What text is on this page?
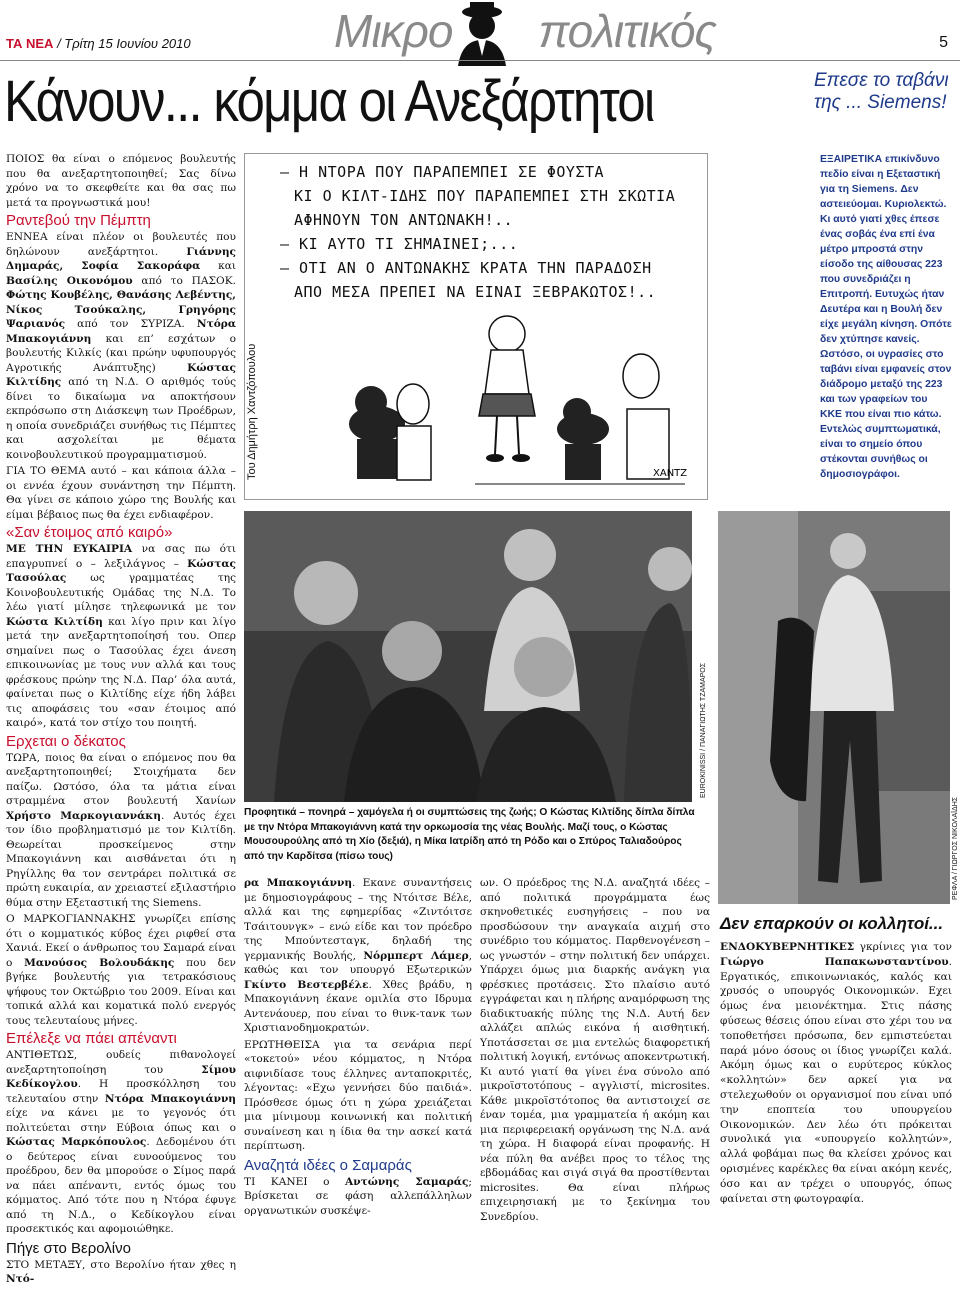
ΤΑ ΝΕΑ / Τρίτη 15 Ιουνίου 2010	Μικρο πολιτικός	5
Κάνουν... κόμμα οι Ανεξάρτητοι

ΠΟΙΟΣ θα είναι ο επόμενος βουλευτής που θα ανεξαρτητοποιηθεί; Σας δίνω χρόνο να το σκεφθείτε και θα σας πω μετά τα προγνωστικά μου!

Ραντεβού την Πέμπτη

ΕΝΝΕΑ είναι πλέον οι βουλευτές που δηλώνουν ανεξάρτητοι. Γιάννης Δημαράς, Σοφία Σακοράφα και Βασίλης Οικονόμου από το ΠΑΣΟΚ. Φώτης Κουβέλης, Θανάσης Λεβέντης, Νίκος Τσούκαλης, Γρηγόρης Ψαριανός από τον ΣΥΡΙΖΑ. Ντόρα Μπακογιάννη και επ’ εσχάτων ο βουλευτής Κιλκίς (και πρώην υφυπουργός Αγροτικής Ανάπτυξης) Κώστας Κιλτίδης από τη Ν.Δ. Ο αριθμός τούς δίνει το δικαίωμα να αποκτήσουν εκπρόσωπο στη Διάσκεψη των Προέδρων, η οποία συνεδριάζει συνήθως τις Πέμπτες και ασχολείται με θέματα κοινοβουλευτικού προγραμματισμού.

ΓΙΑ ΤΟ ΘΕΜΑ αυτό – και κάποια άλλα – οι εννέα έχουν συνάντηση την Πέμπτη. Θα γίνει σε κάποιο χώρο της Βουλής και είμαι βέβαιος πως θα έχει ενδιαφέρον.

«Σαν έτοιμος από καιρό»

ΜΕ ΤΗΝ ΕΥΚΑΙΡΙΑ να σας πω ότι επαγρυπνεί ο – λεξιλάγνος – Κώστας Τασούλας ως γραμματέας της Κοινοβουλευτικής Ομάδας της Ν.Δ. Το λέω γιατί μίλησε τηλεφωνικά με τον Κώστα Κιλτίδη και λίγο πριν και λίγο μετά την ανεξαρτητοποίησή του. Οπερ σημαίνει πως ο Τασούλας έχει άνεση επικοινωνίας με τους νυν αλλά και τους φρέσκους πρώην της Ν.Δ. Παρ’ όλα αυτά, φαίνεται πως ο Κιλτίδης είχε ήδη λάβει τις αποφάσεις του «σαν έτοιμος από καιρό», κατά τον στίχο του ποιητή.

Ερχεται ο δέκατος

ΤΩΡΑ, ποιος θα είναι ο επόμενος που θα ανεξαρτητοποιηθεί; Στοιχήματα δεν παίζω. Ωστόσο, όλα τα μάτια είναι στραμμένα στον βουλευτή Χανίων Χρήστο Μαρκογιαννάκη. Αυτός έχει τον ίδιο προβληματισμό με τον Κιλτίδη. Θεωρείται προσκείμενος στην Μπακογιάννη και αισθάνεται ότι η Ρηγίλλης θα τον σεντράρει πολιτικά σε πρώτη ευκαιρία, αν χρειαστεί εξιλαστήριο θύμα στην Εξεταστική της Siemens.

Ο ΜΑΡΚΟΓΙΑΝΝΑΚΗΣ γνωρίζει επίσης ότι ο κομματικός κύβος έχει ριφθεί στα Χανιά. Εκεί ο άνθρωπος του Σαμαρά είναι ο Μανούσος Βολουδάκης που δεν βγήκε βουλευτής για τετρακόσιους ψήφους τον Οκτώβριο του 2009. Είναι και τοπικά αλλά και κοματικά πολύ ενεργός τους τελευταίους μήνες.

Επέλεξε να πάει απέναντι

ΑΝΤΙΘΕΤΩΣ, ουδείς πιθανολογεί ανεξαρτητοποίηση του Σίμου Κεδίκογλου. Η προσκόλληση του τελευταίου στην Ντόρα Μπακογιάννη είχε να κάνει με το γεγονός ότι πολιτεύεται στην Εύβοια όπως και ο Κώστας Μαρκόπουλος. Δεδομένου ότι ο δεύτερος είναι ευνοούμενος του προέδρου, δεν θα μπορούσε ο Σίμος παρά να πάει απέναντι, εντός όμως του κόμματος. Από τότε που η Ντόρα έφυγε από τη Ν.Δ., ο Κεδίκογλου είναι προσεκτικός και αφομοιώθηκε.

Πήγε στο Βερολίνο

ΣΤΟ ΜΕΤΑΞΥ, στο Βερολίνο ήταν χθες η Ντό-

ΧΑΝΤΖ
Του Δημήτρη Χαντζόπουλου
– Η ΝΤΟΡΑ ΠΟΥ ΠΑΡΑΠΕΜΠΕΙ ΣΕ ΦΟΥΣΤΑ
ΚΙ Ο ΚΙΛΤ-ΙΔΗΣ ΠΟΥ ΠΑΡΑΠΕΜΠΕΙ ΣΤΗ ΣΚΩΤΙΑ
ΑΦΗΝΟΥΝ ΤΟΝ ΑΝΤΩΝΑΚΗ!..
– ΚΙ ΑΥΤΟ ΤΙ ΣΗΜΑΙΝΕΙ;...
– ΟΤΙ ΑΝ Ο ΑΝΤΩΝΑΚΗΣ ΚΡΑΤΑ ΤΗΝ ΠΑΡΑΔΟΣΗ
ΑΠΟ ΜΕΣΑ ΠΡΕΠΕΙ ΝΑ ΕΙΝΑΙ ΞΕΒΡΑΚΩΤΟΣ!..
Επεσε το ταβάνι της ... Siemens!
ΕΞΑΙΡΕΤΙΚΑ επικίνδυνο πεδίο είναι η Εξεταστική για τη Siemens. Δεν αστειεύομαι. Κυριολεκτώ. Κι αυτό γιατί χθες έπεσε ένας σοβάς ένα επί ένα μέτρο μπροστά στην είσοδο της αίθουσας 223 που συνεδριάζει η Επιτροπή. Ευτυχώς ήταν Δευτέρα και η Βουλή δεν είχε μεγάλη κίνηση. Οπότε δεν χτύπησε κανείς. Ωστόσο, οι υγρασίες στο ταβάνι είναι εμφανείς στον διάδρομο μεταξύ της 223 και των γραφείων του ΚΚΕ που είναι πιο κάτω. Εντελώς συμπτωματικά, είναι το σημείο όπου στέκονται συνήθως οι δημοσιογράφοι.
EUROKINISSI / ΠΑΝΑΓΙΩΤΗΣ ΤΖΑΜΑΡΟΣ
Προφητικά – πονηρά – χαμόγελα ή οι συμπτώσεις της ζωής; Ο Κώστας Κιλτίδης δίπλα δίπλα με την Ντόρα Μπακογιάννη κατά την ορκωμοσία της νέας Βουλής. Μαζί τους, ο Κώστας Μουσουρούλης από τη Χίο (δεξιά), η Μίκα Ιατρίδη από τη Ρόδο και ο Σπύρος Ταλιαδούρος από την Καρδίτσα (πίσω τους)	ΡΕΦΛΑ / ΓΙΩΡΓΟΣ ΝΙΚΟΛΑΪΔΗΣ

ρα Μπακογιάννη. Εκανε συναντήσεις με δημοσιογράφους – της Ντόιτσε Βέλε, αλλά και της εφημερίδας «Ζιντόιτσε Τσάιτουνγκ» – ενώ είδε και τον πρόεδρο της Μπούντεσταγκ, δηλαδή της γερμανικής Βουλής, Νόρμπερτ Λάμερ, καθώς και τον υπουργό Εξωτερικών Γκίντο Βεστερβέλε. Χθες βράδυ, η Μπακογιάννη έκανε ομιλία στο Ιδρυμα Αντενάουερ, που είναι το θινκ-τανκ των Χριστιανοδημοκρατών.

ΕΡΩΤΗΘΕΙΣΑ για τα σενάρια περί «τοκετού» νέου κόμματος, η Ντόρα αιφνιδίασε τους έλληνες ανταποκριτές, λέγοντας: «Εχω γεννήσει δύο παιδιά». Πρόσθεσε όμως ότι η χώρα χρειάζεται μια μίνιμουμ κοινωνική και πολιτική συναίνεση και η ίδια θα την ασκεί κατά περίπτωση.

Αναζητά ιδέες ο Σαμαράς

ΤΙ ΚΑΝΕΙ ο Αντώνης Σαμαράς; Βρίσκεται σε φάση αλλεπάλληλων οργανωτικών συσκέψε-

ων. Ο πρόεδρος της Ν.Δ. αναζητά ιδέες – από πολιτικά προγράμματα έως σκηνοθετικές ευσηγήσεις – που να προσδώσουν την αναγκαία αιχμή στο συνέδριο του κόμματος. Παρθενογένεση – ως γνωστόν – στην πολιτική δεν υπάρχει. Υπάρχει όμως μια διαρκής ανάγκη για φρέσκιες προτάσεις. Στο πλαίσιο αυτό εγγράφεται και η πλήρης αναμόρφωση της διαδικτυακής πύλης της Ν.Δ. Αυτή δεν αλλάζει απλώς εικόνα ή αισθητική. Υποτάσσεται σε μια εντελώς διαφορετική πολιτική λογική, εντόνως αποκεντρωτική. Κι αυτό γιατί θα γίνει ένα σύνολο από μικροϊστοτόπους – αγγλιστί, microsites. Κάθε μικροϊστότοπος θα αντιστοιχεί σε έναν τομέα, μια γραμματεία ή ακόμη και μια περιφερειακή οργάνωση της Ν.Δ. ανά τη χώρα. Η διαφορά είναι προφανής. Η νέα πύλη θα ανέβει προς το τέλος της εβδομάδας και σιγά σιγά θα προστίθενται microsites. Θα είναι πλήρως επιχειρησιακή με το ξεκίνημα του Συνεδρίου.

Δεν επαρκούν οι κολλητοί...
ΕΝΔΟΚΥΒΕΡΝΗΤΙΚΕΣ γκρίνιες για τον Γιώργο Παπακωνσταντίνου. Εργατικός, επικοινωνιακός, καλός και χρυσός ο υπουργός Οικονομικών. Εχει όμως ένα μειονέκτημα. Στις πάσης φύσεως θέσεις όπου είναι στο χέρι του να τοποθετήσει πρόσωπα, δεν εμπιστεύεται παρά μόνο όσους οι ίδιος γνωρίζει καλά. Ακόμη όμως και ο ευρύτερος κύκλος «κολλητών» δεν αρκεί για να στελεχωθούν οι οργανισμοί που είναι υπό την εποπτεία του υπουργείου Οικονομικών. Δεν λέω ότι πρόκειται συνολικά για «υπουργείο κολλητών», αλλά φοβάμαι πως θα κλείσει χρόνος και ορισμένες καρέκλες θα είναι ακόμη κενές, όσο και αν τρέχει ο υπουργός, όπως φαίνεται στη φωτογραφία.
